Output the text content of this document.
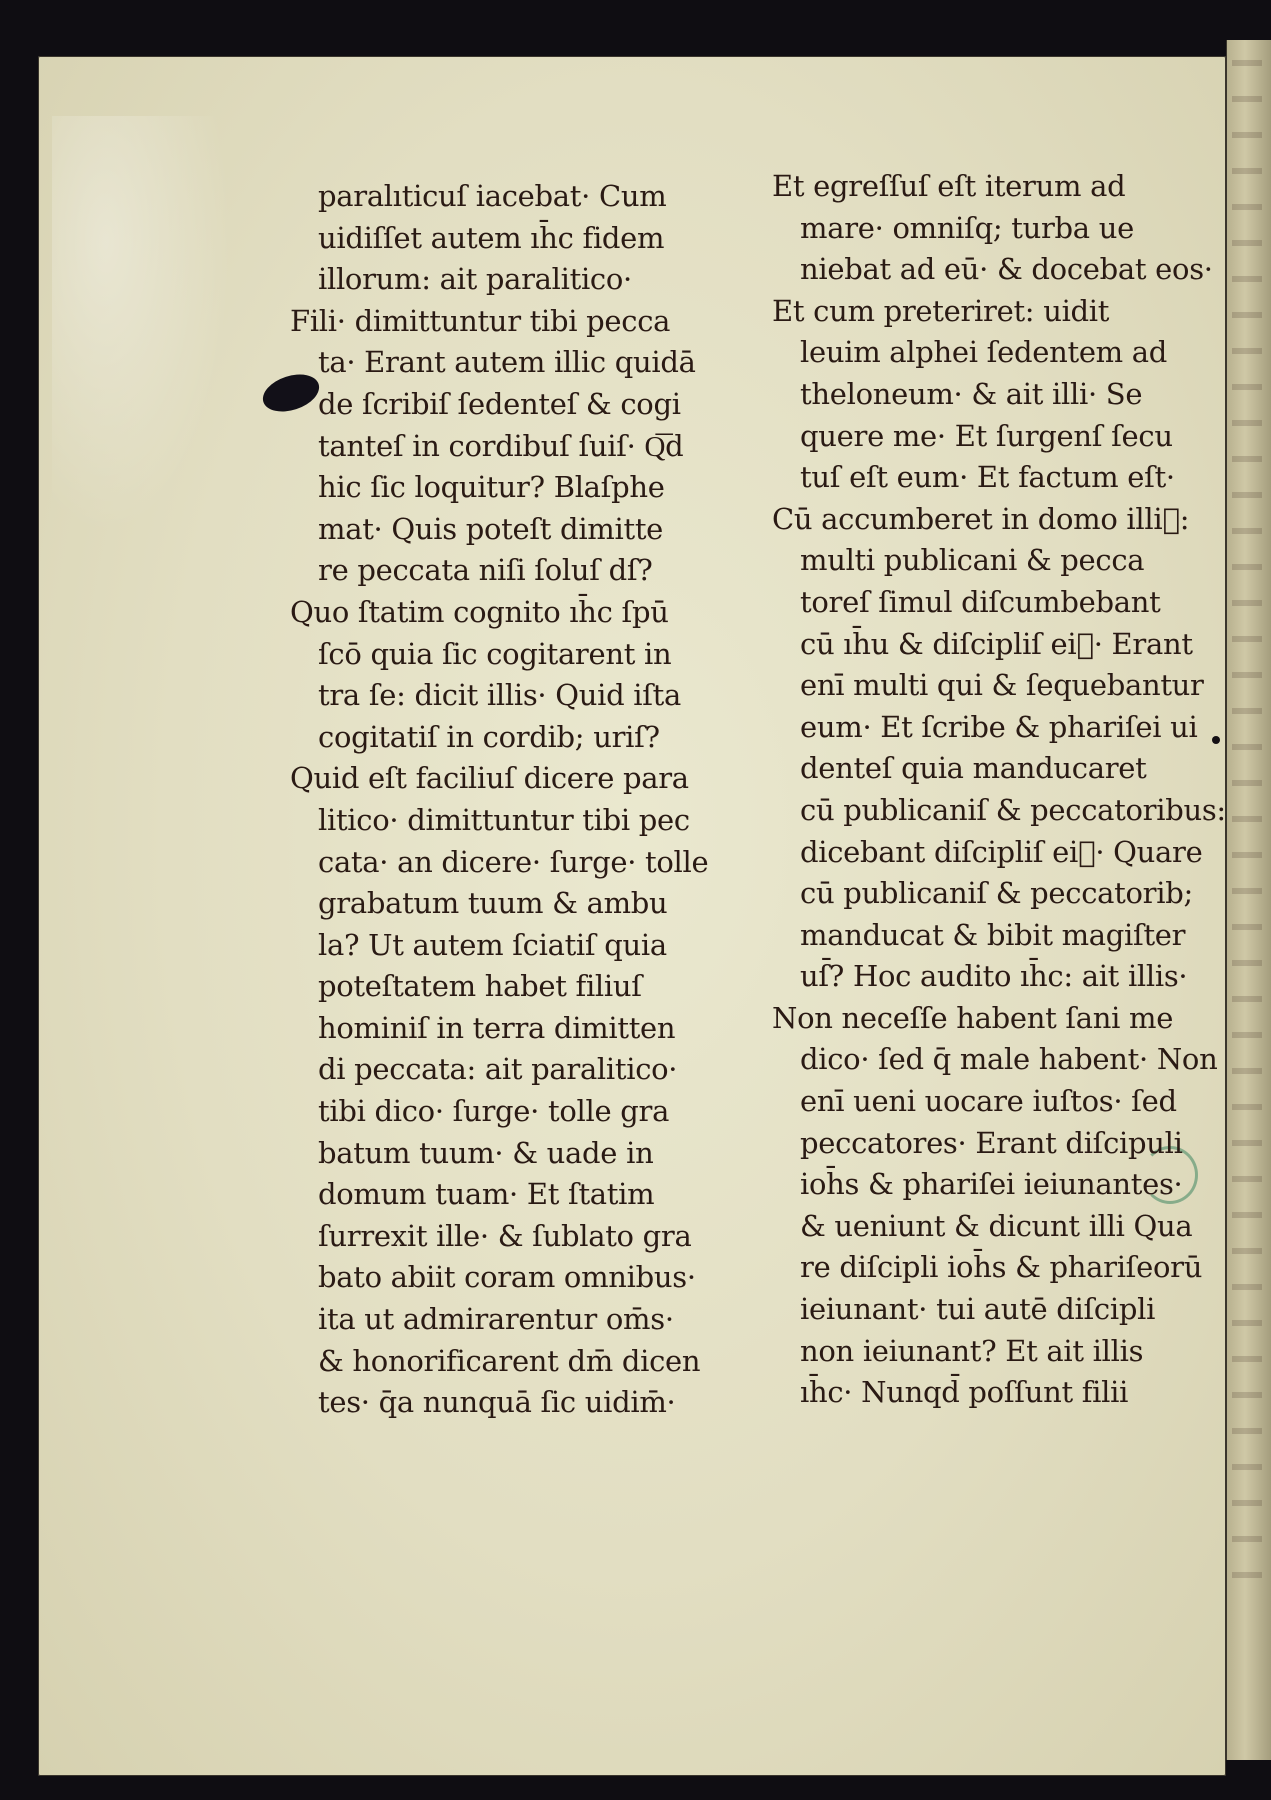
paralıticuſ iacebat· Cum
uidiſſet autem ıh̄c fidem
illorum: ait paralitico·
Fili· dimittuntur tibi pecca
ta· Erant autem illic quidā
de ſcribiſ ſedenteſ & cogi
tanteſ in cordibuſ ſuiſ· Q͞d
hic ſic loquitur? Blaſphe
mat· Quis poteſt dimitte
re peccata niſi ſoluſ dſ?
Quo ſtatim cognito ıh̄c ſpū
ſcō quia ſic cogitarent in
tra ſe: dicit illis· Quid iſta
cogitatiſ in cordib; uriſ?
Quid eſt faciliuſ dicere para
litico· dimittuntur tibi pec
cata· an dicere· ſurge· tolle
grabatum tuum & ambu
la? Ut autem ſciatiſ quia
poteſtatem habet filiuſ
hominiſ in terra dimitten
di peccata: ait paralitico·
tibi dico· ſurge· tolle gra
batum tuum· & uade in
domum tuam· Et ſtatim
ſurrexit ille· & ſublato gra
bato abiit coram omnibus·
ita ut admirarentur om̄s·
& honorificarent dm̄ dicen
tes· q̄a nunquā ſic uidim̄·
Et egreſſuſ eſt iterum ad
mare· omniſq; turba ue
niebat ad eū· & docebat eos·
Et cum preteriret: uidit
leuim alphei ſedentem ad
theloneum· & ait illi· Se
quere me· Et ſurgenſ ſecu
tuſ eſt eum· Et factum eſt·
Cū accumberet in domo illi᷑:
multi publicani & pecca
toreſ ſimul diſcumbebant
cū ıh̄u & diſcipliſ ei᷑· Erant
enī multi qui & ſequebantur
eum· Et ſcribe & phariſei ui
denteſ quia manducaret
cū publicaniſ & peccatoribus:
dicebant diſcipliſ ei᷑· Quare
cū publicaniſ & peccatorib;
manducat & bibit magiſter
uſ̄? Hoc audito ıh̄c: ait illis·
Non neceſſe habent ſani me
dico· ſed q̄ male habent· Non
enī ueni uocare iuſtos· ſed
peccatores· Erant diſcipuli
ioh̄s & phariſei ieiunantes·
& ueniunt & dicunt illi Qua
re diſcipli ioh̄s & phariſeorū
ieiunant· tui autē diſcipli
non ieiunant? Et ait illis
ıh̄c· Nunqd̄ poſſunt filii
